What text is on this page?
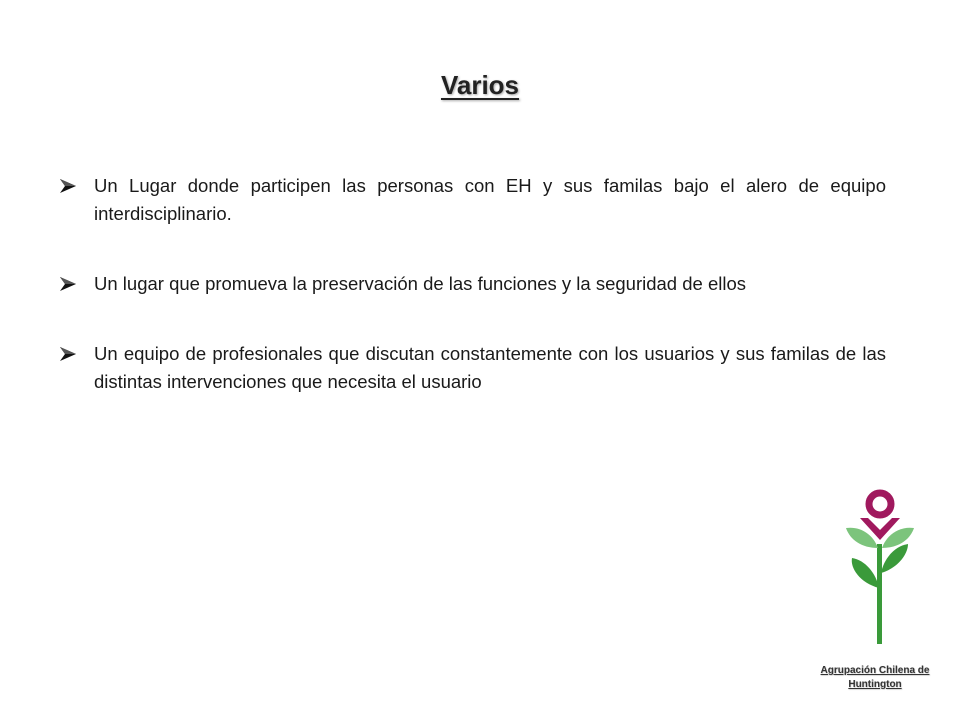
Varios
Un Lugar donde participen las personas con EH y sus familas bajo el alero de equipo interdisciplinario.
Un lugar que promueva la preservación de las funciones y la seguridad de ellos
Un equipo de profesionales que discutan constantemente con los usuarios y sus familas de las distintas intervenciones que necesita el usuario
Agrupación Chilena de
Huntington
